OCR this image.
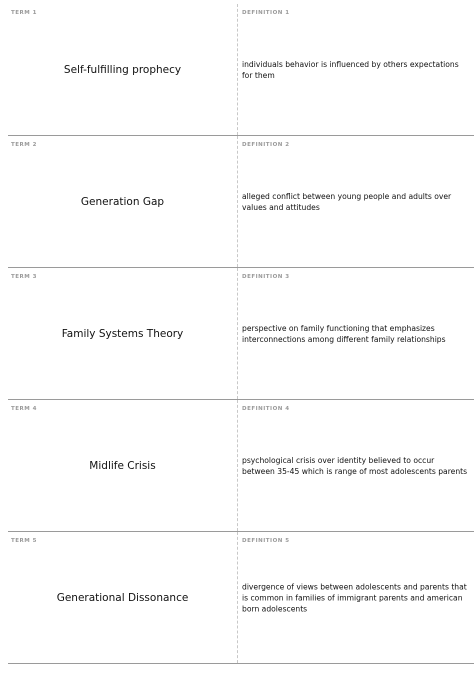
TERM 1
Self-fulfilling prophecy
DEFINITION 1
individuals behavior is influenced by others expectations for them
TERM 2
Generation Gap
DEFINITION 2
alleged conflict between young people and adults over values and attitudes
TERM 3
Family Systems Theory
DEFINITION 3
perspective on family functioning that emphasizes interconnections among different family relationships
TERM 4
Midlife Crisis
DEFINITION 4
psychological crisis over identity believed to occur between 35-45 which is range of most adolescents parents
TERM 5
Generational Dissonance
DEFINITION 5
divergence of views between adolescents and parents that is common in families of immigrant parents and american born adolescents
